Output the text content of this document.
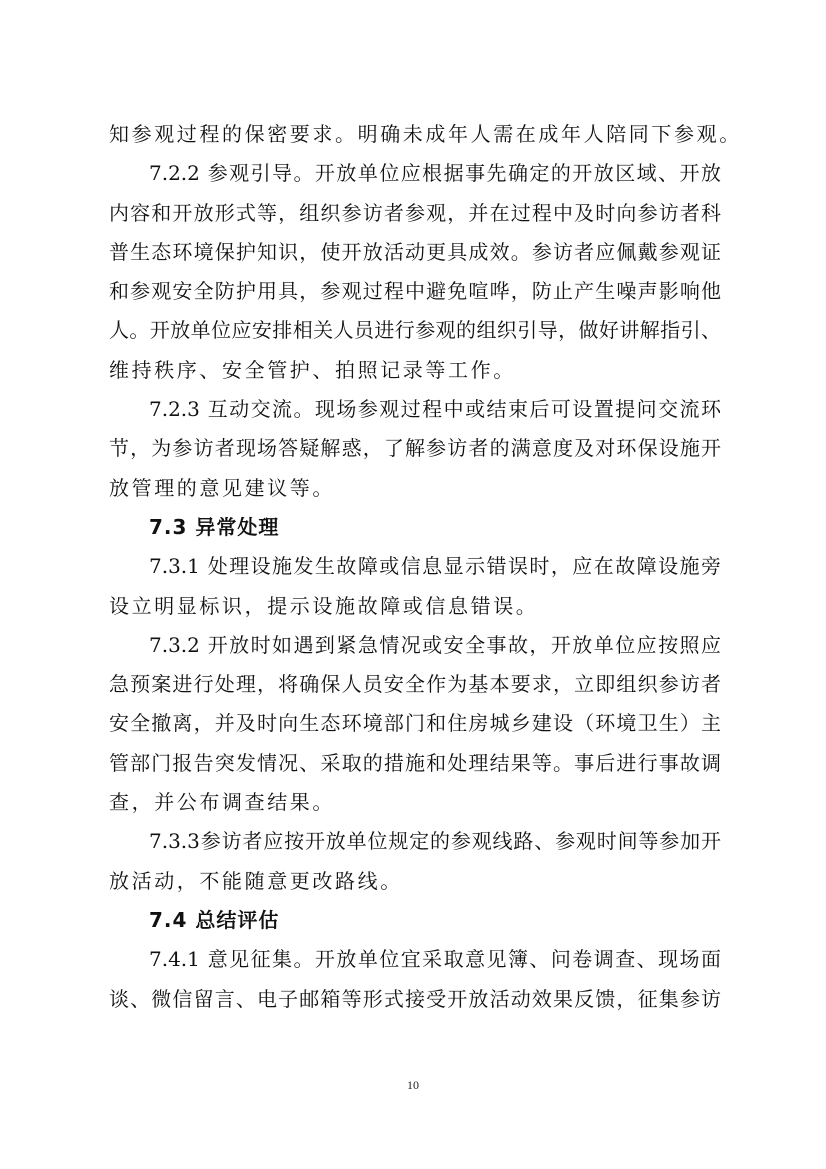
知参观过程的保密要求。明确未成年人需在成年人陪同下参观。
7.2.2 参观引导。开放单位应根据事先确定的开放区域、开放
内容和开放形式等，组织参访者参观，并在过程中及时向参访者科
普生态环境保护知识，使开放活动更具成效。参访者应佩戴参观证
和参观安全防护用具，参观过程中避免喧哗，防止产生噪声影响他
人。开放单位应安排相关人员进行参观的组织引导，做好讲解指引、
维持秩序、安全管护、拍照记录等工作。
7.2.3 互动交流。现场参观过程中或结束后可设置提问交流环
节，为参访者现场答疑解惑，了解参访者的满意度及对环保设施开
放管理的意见建议等。
7.3 异常处理
7.3.1 处理设施发生故障或信息显示错误时，应在故障设施旁
设立明显标识，提示设施故障或信息错误。
7.3.2 开放时如遇到紧急情况或安全事故，开放单位应按照应
急预案进行处理，将确保人员安全作为基本要求，立即组织参访者
安全撤离，并及时向生态环境部门和住房城乡建设（环境卫生）主
管部门报告突发情况、采取的措施和处理结果等。事后进行事故调
查，并公布调查结果。
7.3.3参访者应按开放单位规定的参观线路、参观时间等参加开
放活动，不能随意更改路线。
7.4 总结评估
7.4.1 意见征集。开放单位宜采取意见簿、问卷调查、现场面
谈、微信留言、电子邮箱等形式接受开放活动效果反馈，征集参访
10
